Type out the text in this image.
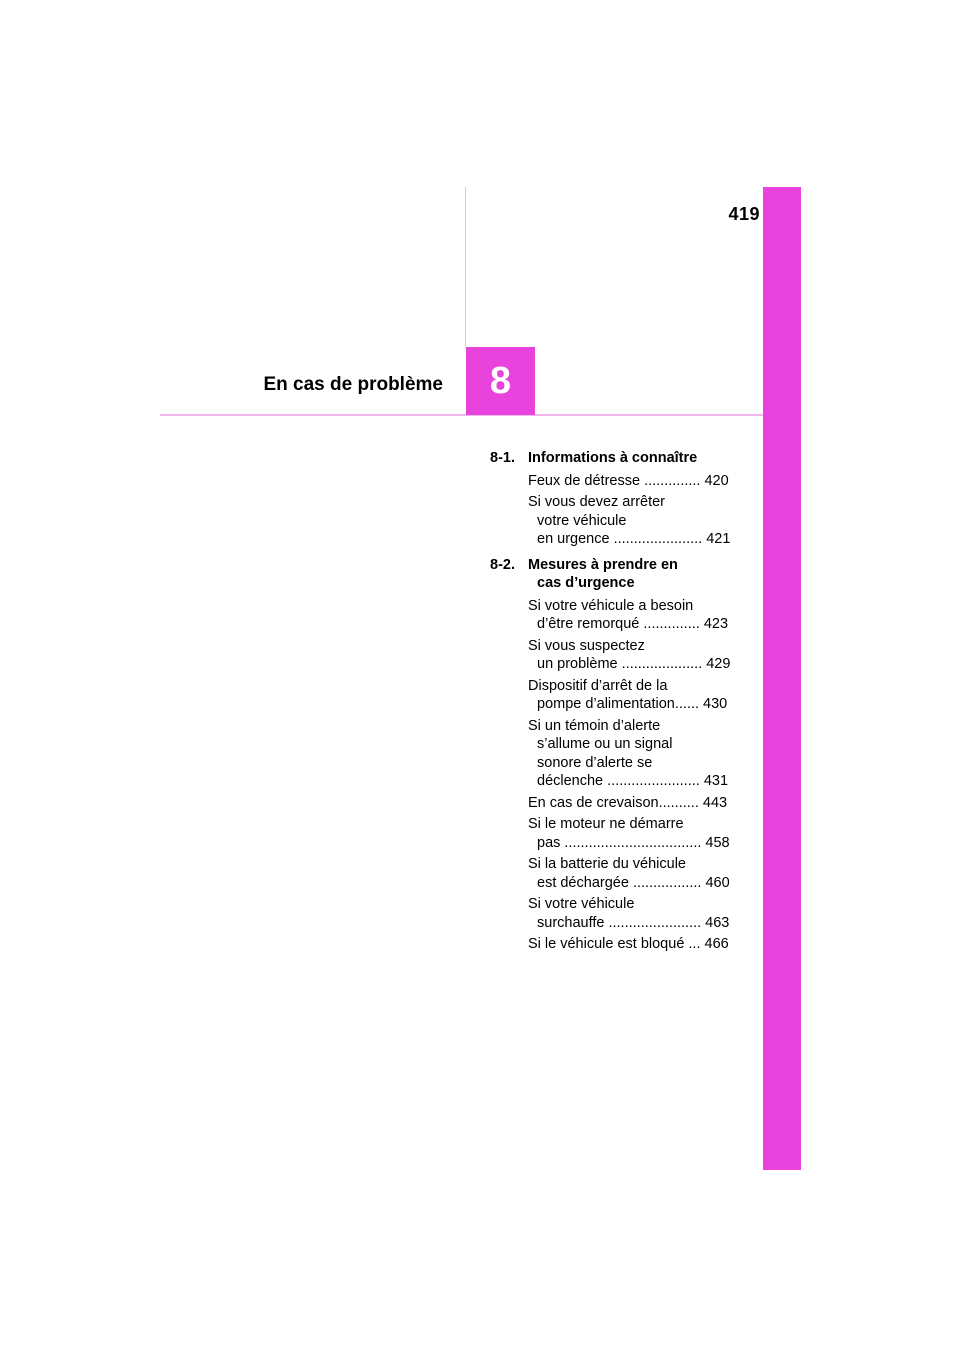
419
En cas de problème	8
8-1. Informations à connaître
Feux de détresse .............. 420
Si vous devez arrêter
votre véhicule
en urgence ...................... 421
8-2. Mesures à prendre en
cas d’urgence
Si votre véhicule a besoin
d’être remorqué .............. 423
Si vous suspectez
un problème .................... 429
Dispositif d’arrêt de la
pompe d’alimentation...... 430
Si un témoin d’alerte
s’allume ou un signal
sonore d’alerte se
déclenche ....................... 431
En cas de crevaison.......... 443
Si le moteur ne démarre
pas .................................. 458
Si la batterie du véhicule
est déchargée ................. 460
Si votre véhicule
surchauffe ....................... 463
Si le véhicule est bloqué ... 466
